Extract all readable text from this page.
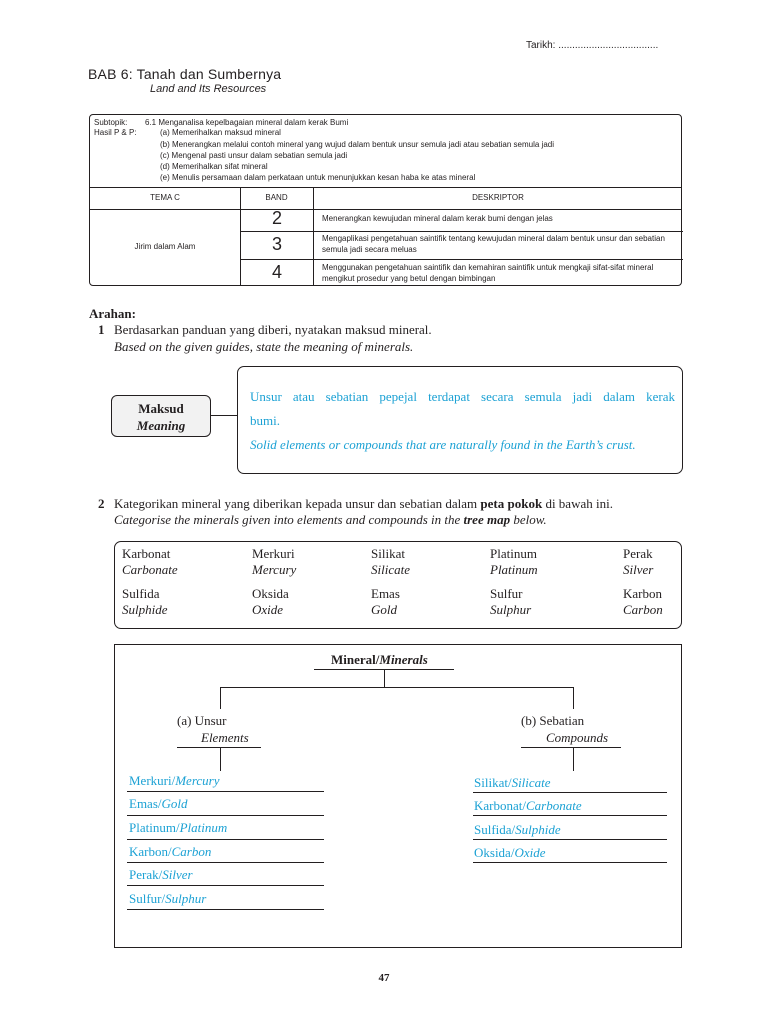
Tarikh: ....................................
BAB 6: Tanah dan Sumbernya
Land and Its Resources
Subtopik: 6.1 Menganalisa kepelbagaian mineral dalam kerak Bumi
Hasil P & P:	(a) Memerihalkan maksud mineral
(b) Menerangkan melalui contoh mineral yang wujud dalam bentuk unsur semula jadi atau sebatian semula jadi
(c) Mengenal pasti unsur dalam sebatian semula jadi
(d) Memerihalkan sifat mineral
(e) Menulis persamaan dalam perkataan untuk menunjukkan kesan haba ke atas mineral
TEMA C	BAND	DESKRIPTOR
Jirim dalam Alam
2	Menerangkan kewujudan mineral dalam kerak bumi dengan jelas
3	Mengaplikasi pengetahuan saintifik tentang kewujudan mineral dalam bentuk unsur dan sebatian semula jadi secara meluas
4	Menggunakan pengetahuan saintifik dan kemahiran saintifik untuk mengkaji sifat-sifat mineral mengikut prosedur yang betul dengan bimbingan
Arahan:
1 Berdasarkan panduan yang diberi, nyatakan maksud mineral.
Based on the given guides, state the meaning of minerals.
Maksud
Meaning
Unsur atau sebatian pepejal terdapat secara semula jadi dalam kerak
bumi.
Solid elements or compounds that are naturally found in the Earth’s crust.
2 Kategorikan mineral yang diberikan kepada unsur dan sebatian dalam peta pokok di bawah ini.
Categorise the minerals given into elements and compounds in the tree map below.
Karbonat
Carbonate
Merkuri
Mercury
Silikat
Silicate
Platinum
Platinum
Perak
Silver
Sulfida
Sulphide
Oksida
Oxide
Emas
Gold
Sulfur
Sulphur
Karbon
Carbon
Mineral/Minerals
(a) Unsur
Elements
(b) Sebatian
Compounds
Merkuri/Mercury
Emas/Gold
Platinum/Platinum
Karbon/Carbon
Perak/Silver
Sulfur/Sulphur
Silikat/Silicate
Karbonat/Carbonate
Sulfida/Sulphide
Oksida/Oxide
47
